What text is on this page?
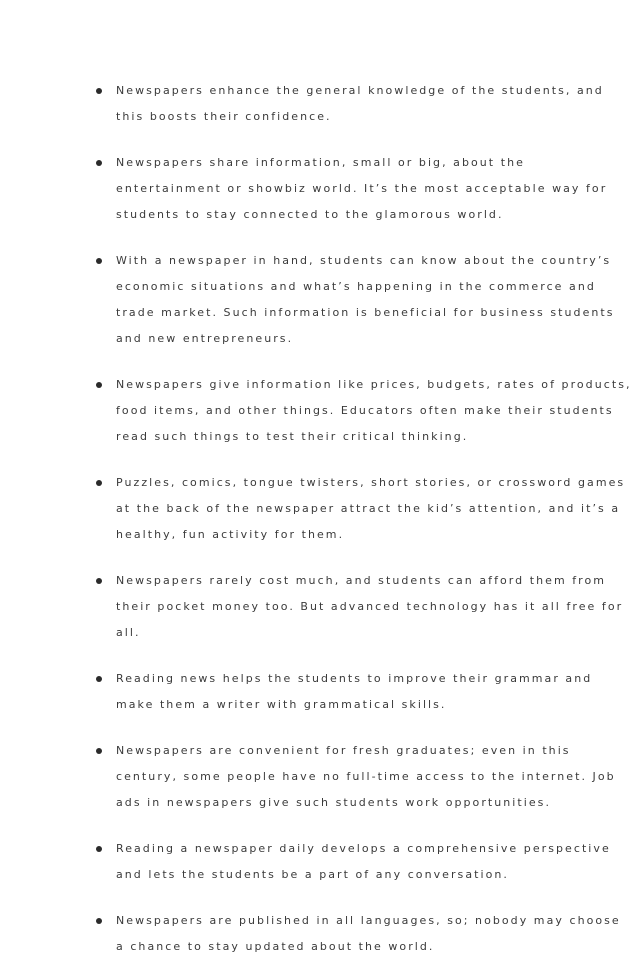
Newspapers enhance the general knowledge of the students, and
this boosts their confidence.
Newspapers share information, small or big, about the
entertainment or showbiz world. It’s the most acceptable way for
students to stay connected to the glamorous world.
With a newspaper in hand, students can know about the country’s
economic situations and what’s happening in the commerce and
trade market. Such information is beneficial for business students
and new entrepreneurs.
Newspapers give information like prices, budgets, rates of products,
food items, and other things. Educators often make their students
read such things to test their critical thinking.
Puzzles, comics, tongue twisters, short stories, or crossword games
at the back of the newspaper attract the kid’s attention, and it’s a
healthy, fun activity for them.
Newspapers rarely cost much, and students can afford them from
their pocket money too. But advanced technology has it all free for
all.
Reading news helps the students to improve their grammar and
make them a writer with grammatical skills.
Newspapers are convenient for fresh graduates; even in this
century, some people have no full-time access to the internet. Job
ads in newspapers give such students work opportunities.
Reading a newspaper daily develops a comprehensive perspective
and lets the students be a part of any conversation.
Newspapers are published in all languages, so; nobody may choose
a chance to stay updated about the world.
